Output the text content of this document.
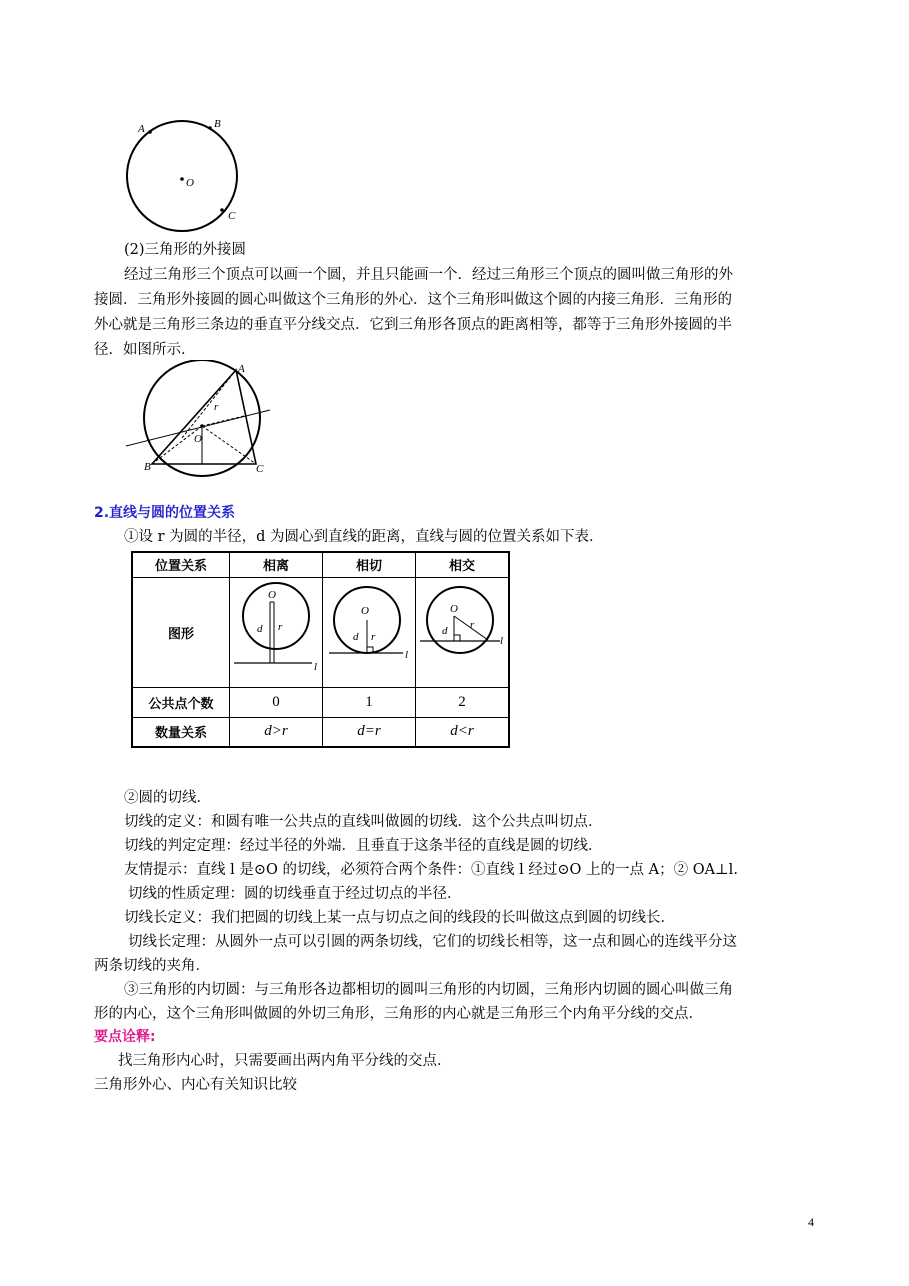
A	B
O
C
(2)三角形的外接圆
经过三角形三个顶点可以画一个圆，并且只能画一个．经过三角形三个顶点的圆叫做三角形的外
接圆．三角形外接圆的圆心叫做这个三角形的外心．这个三角形叫做这个圆的内接三角形．三角形的
外心就是三角形三条边的垂直平分线交点．它到三角形各顶点的距离相等，都等于三角形外接圆的半
径．如图所示．
A
r
O
B	C
2.直线与圆的位置关系
①设 r 为圆的半径，d 为圆心到直线的距离，直线与圆的位置关系如下表．
位置关系	相离	相切	相交
图形	O
d r
l	O
d r
l	O
d r
l

公共点个数	0	1	2
数量关系	d>r	d=r	d<r
②圆的切线．
切线的定义：和圆有唯一公共点的直线叫做圆的切线．这个公共点叫切点．
切线的判定定理：经过半径的外端．且垂直于这条半径的直线是圆的切线．
友情提示：直线 l 是⊙O 的切线，必须符合两个条件：①直线 l 经过⊙O 上的一点 A；② OA⊥l.
切线的性质定理：圆的切线垂直于经过切点的半径．
切线长定义：我们把圆的切线上某一点与切点之间的线段的长叫做这点到圆的切线长．
切线长定理：从圆外一点可以引圆的两条切线，它们的切线长相等，这一点和圆心的连线平分这
两条切线的夹角．
③三角形的内切圆：与三角形各边都相切的圆叫三角形的内切圆，三角形内切圆的圆心叫做三角
形的内心，这个三角形叫做圆的外切三角形，三角形的内心就是三角形三个内角平分线的交点．
要点诠释:
找三角形内心时，只需要画出两内角平分线的交点．
三角形外心、内心有关知识比较
4
